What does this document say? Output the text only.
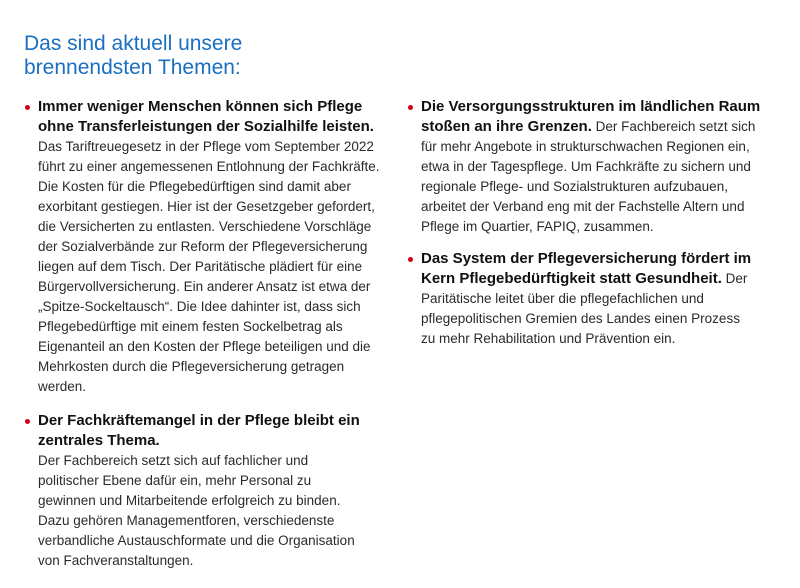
Das sind aktuell unsere
brennendsten Themen:
Immer weniger Menschen können sich Pflege ohne Transferleistungen der Sozialhilfe leisten. Das Tariftreuegesetz in der Pflege vom September 2022 führt zu einer angemessenen Entlohnung der Fachkräfte. Die Kosten für die Pflegebedürftigen sind damit aber exorbitant gestiegen. Hier ist der Gesetzgeber gefordert, die Versicherten zu entlasten. Verschiedene Vorschläge der Sozialverbände zur Reform der Pflegeversicherung liegen auf dem Tisch. Der Paritätische plädiert für eine Bürgervollversicherung. Ein anderer Ansatz ist etwa der „Spitze-Sockeltausch“. Die Idee dahinter ist, dass sich Pflegebedürftige mit einem festen Sockelbetrag als Eigenanteil an den Kosten der Pflege beteiligen und die Mehrkosten durch die Pflegeversicherung getragen werden.
Der Fachkräftemangel in der Pflege bleibt ein zentrales Thema.
Der Fachbereich setzt sich auf fachlicher und politischer Ebene dafür ein, mehr Personal zu gewinnen und Mitarbeitende erfolgreich zu binden. Dazu gehören Managementforen, verschiedenste verbandliche Austauschformate und die Organisation von Fachveranstaltungen.
Die Versorgungsstrukturen im ländlichen Raum stoßen an ihre Grenzen. Der Fachbereich setzt sich für mehr Angebote in strukturschwachen Regionen ein, etwa in der Tagespflege. Um Fachkräfte zu sichern und regionale Pflege- und Sozialstrukturen aufzubauen, arbeitet der Verband eng mit der Fachstelle Altern und Pflege im Quartier, FAPIQ, zusammen.
Das System der Pflegeversicherung fördert im Kern Pflegebedürftigkeit statt Gesundheit. Der Paritätische leitet über die pflegefachlichen und pflegepolitischen Gremien des Landes einen Prozess zu mehr Rehabilitation und Prävention ein.
